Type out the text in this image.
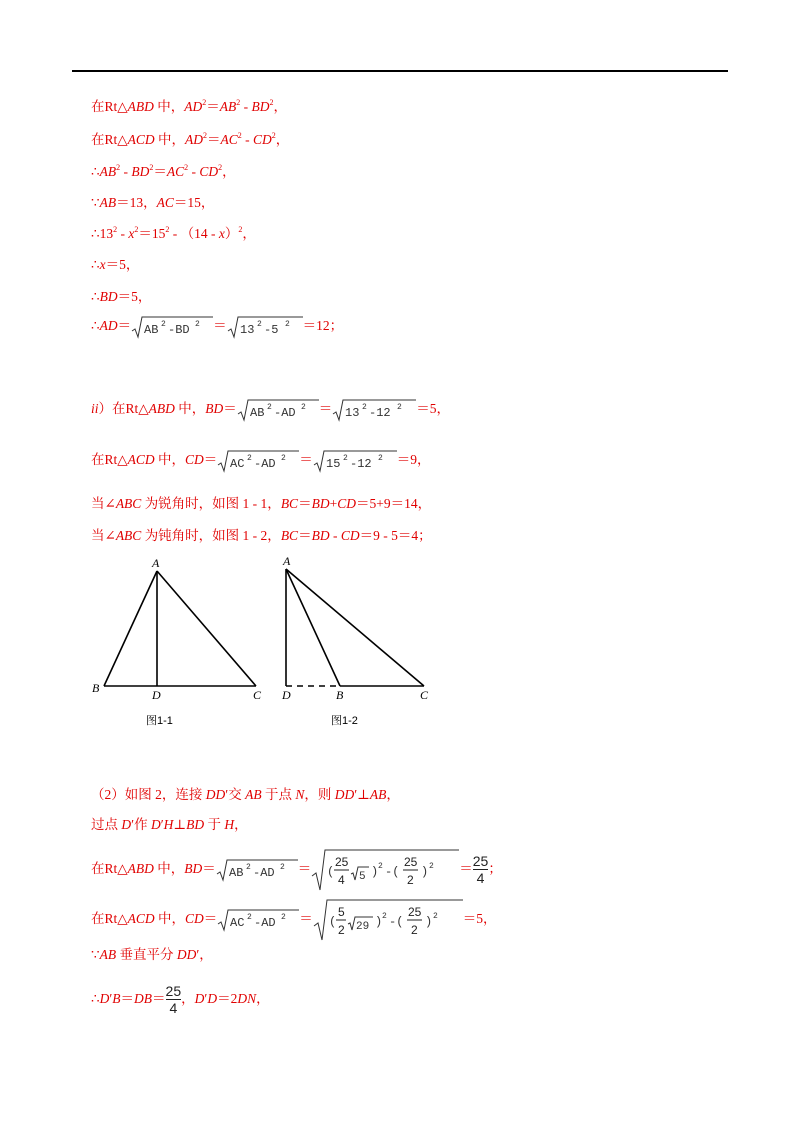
在Rt△ABD 中，$AD^2=AB^2 - BD^2$，
在Rt△ACD 中，$AD^2=AC^2 - CD^2$，
$\therefore AB^2 - BD^2=AC^2 - CD^2$，
∵AB＝13，AC＝15，
$\therefore 13^2 - x^2=15^2 - (14 - x)^2$，
∴x＝5，
∴BD＝5，
∴AD＝ AB 2 -BD 2 ＝ 13 2 -5 2 ＝12；
ii）在Rt△ABD 中，BD＝ AB 2 -AD 2 ＝ 13 2 -12 2 ＝5，
在Rt△ACD 中，CD＝ AC 2 -AD 2 ＝ 15 2 -12 2 ＝9，
当∠ABC 为锐角时，如图 1 - 1，BC＝BD+CD＝5+9＝14，
当∠ABC 为钝角时，如图 1 - 2，BC＝BD - CD＝9 - 5＝4；
A
B	D	C
图1-1
A
D	B	C
图1-2
（2）如图 2，连接 DD′交 AB 于点 N，则 DD′⊥AB，
过点 D′作 D′H⊥BD 于 H，
在Rt△ABD 中，BD＝ AB 2 -AD 2 ＝ (
25
4 5 ) 2 -(
25
2
) $2 = \frac{25}{4}$ ；
在Rt△ACD 中，CD＝ AC 2 -AD 2 ＝ (
5
2 29 ) 2 -(
25
2
) 2 ＝5，
∵AB 垂直平分 DD′，
∴D′B＝DB＝ $\frac{25}{4}$ ，D′D＝2DN，
